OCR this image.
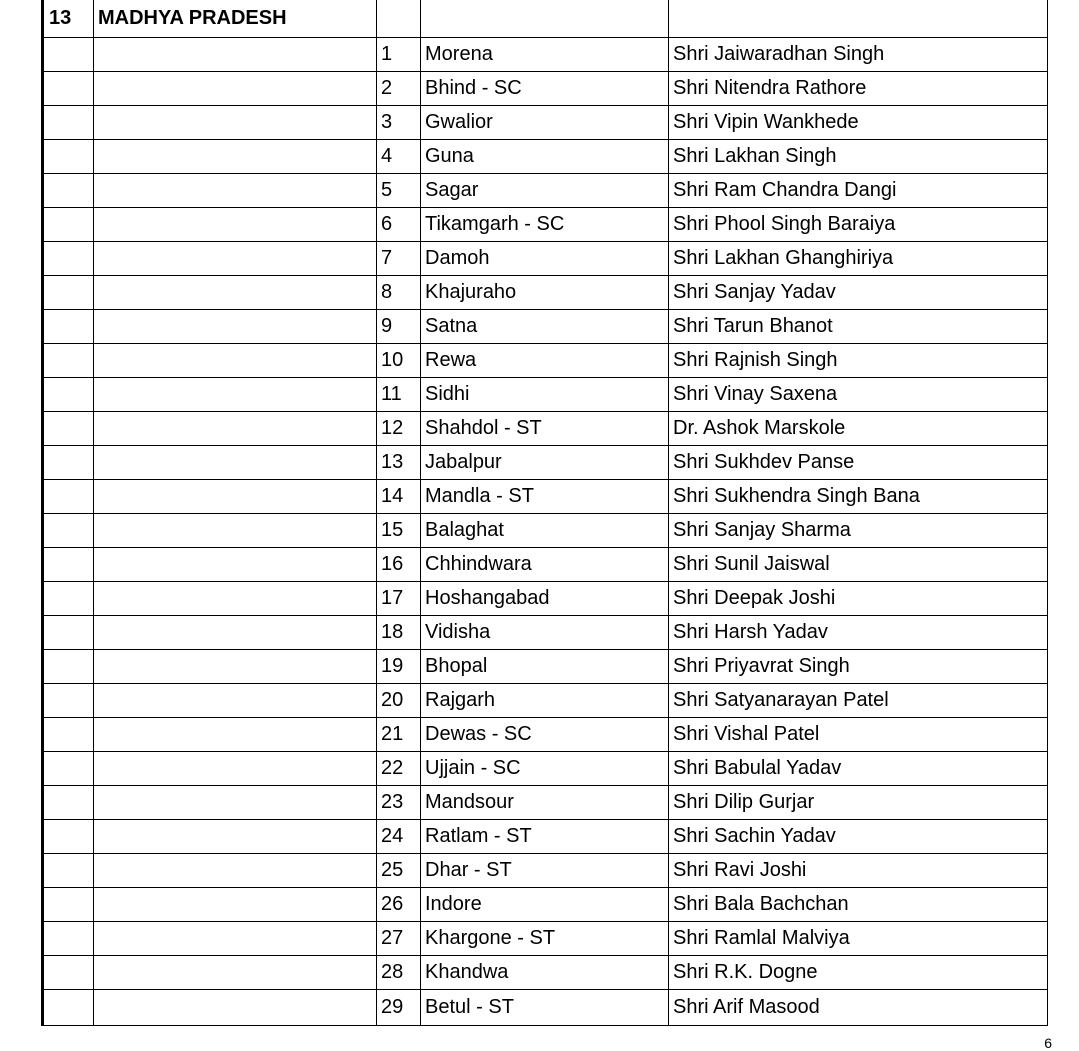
13	MADHYA PRADESH			
		1	Morena	Shri Jaiwaradhan Singh
		2	Bhind - SC	Shri Nitendra Rathore
		3	Gwalior	Shri Vipin Wankhede
		4	Guna	Shri Lakhan Singh
		5	Sagar	Shri Ram Chandra Dangi
		6	Tikamgarh - SC	Shri Phool Singh Baraiya
		7	Damoh	Shri Lakhan Ghanghiriya
		8	Khajuraho	Shri Sanjay Yadav
		9	Satna	Shri Tarun Bhanot
		10	Rewa	Shri Rajnish Singh
		11	Sidhi	Shri Vinay Saxena
		12	Shahdol - ST	Dr. Ashok Marskole
		13	Jabalpur	Shri Sukhdev Panse
		14	Mandla - ST	Shri Sukhendra Singh Bana
		15	Balaghat	Shri Sanjay Sharma
		16	Chhindwara	Shri Sunil Jaiswal
		17	Hoshangabad	Shri Deepak Joshi
		18	Vidisha	Shri Harsh Yadav
		19	Bhopal	Shri Priyavrat Singh
		20	Rajgarh	Shri Satyanarayan Patel
		21	Dewas - SC	Shri Vishal Patel
		22	Ujjain - SC	Shri Babulal Yadav
		23	Mandsour	Shri Dilip Gurjar
		24	Ratlam - ST	Shri Sachin Yadav
		25	Dhar - ST	Shri Ravi Joshi
		26	Indore	Shri Bala Bachchan
		27	Khargone - ST	Shri Ramlal Malviya
		28	Khandwa	Shri R.K. Dogne
		29	Betul - ST	Shri Arif Masood
6
